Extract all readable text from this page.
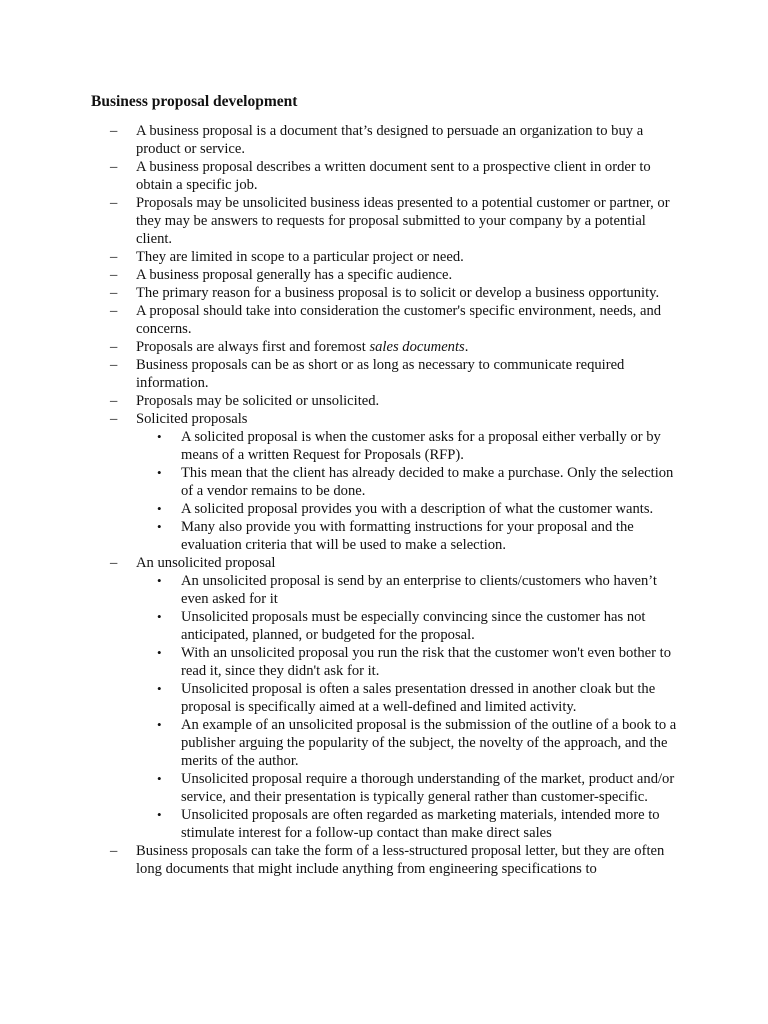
Business proposal development
– A business proposal is a document that’s designed to persuade an organization to buy a product or service.
– A business proposal describes a written document sent to a prospective client in order to obtain a specific job.
– Proposals may be unsolicited business ideas presented to a potential customer or partner, or they may be answers to requests for proposal submitted to your company by a potential client.
– They are limited in scope to a particular project or need.
– A business proposal generally has a specific audience.
– The primary reason for a business proposal is to solicit or develop a business opportunity.
– A proposal should take into consideration the customer's specific environment, needs, and concerns.
– Proposals are always first and foremost sales documents.
– Business proposals can be as short or as long as necessary to communicate required information.
– Proposals may be solicited or unsolicited.
– Solicited proposals
• A solicited proposal is when the customer asks for a proposal either verbally or by means of a written Request for Proposals (RFP).
• This mean that the client has already decided to make a purchase. Only the selection of a vendor remains to be done.
• A solicited proposal provides you with a description of what the customer wants.
• Many also provide you with formatting instructions for your proposal and the evaluation criteria that will be used to make a selection.
– An unsolicited proposal
• An unsolicited proposal is send by an enterprise to clients/customers who haven’t even asked for it
• Unsolicited proposals must be especially convincing since the customer has not anticipated, planned, or budgeted for the proposal.
• With an unsolicited proposal you run the risk that the customer won't even bother to read it, since they didn't ask for it.
• Unsolicited proposal is often a sales presentation dressed in another cloak but the proposal is specifically aimed at a well-defined and limited activity.
• An example of an unsolicited proposal is the submission of the outline of a book to a publisher arguing the popularity of the subject, the novelty of the approach, and the merits of the author.
• Unsolicited proposal require a thorough understanding of the market, product and/or service, and their presentation is typically general rather than customer-specific.
• Unsolicited proposals are often regarded as marketing materials, intended more to stimulate interest for a follow-up contact than make direct sales
– Business proposals can take the form of a less-structured proposal letter, but they are often long documents that might include anything from engineering specifications to
